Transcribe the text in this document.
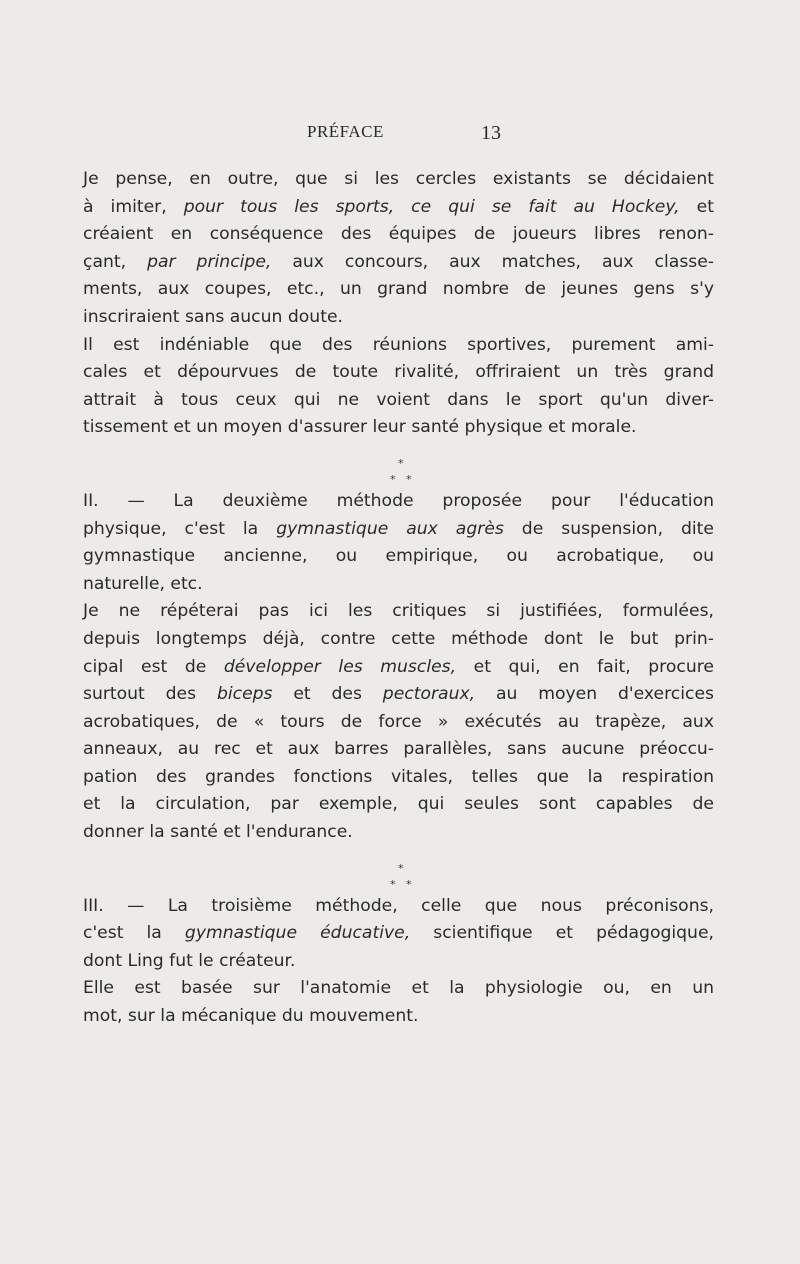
PRÉFACE	13
Je pense, en outre, que si les cercles existants se décidaient
à imiter, pour tous les sports, ce qui se fait au Hockey, et
créaient en conséquence des équipes de joueurs libres renon-
çant, par principe, aux concours, aux matches, aux classe-
ments, aux coupes, etc., un grand nombre de jeunes gens s'y
inscriraient sans aucun doute.
Il est indéniable que des réunions sportives, purement ami-
cales et dépourvues de toute rivalité, offriraient un très grand
attrait à tous ceux qui ne voient dans le sport qu'un diver-
tissement et un moyen d'assurer leur santé physique et morale.
*
* *
II. — La deuxième méthode proposée pour l'éducation
physique, c'est la gymnastique aux agrès de suspension, dite
gymnastique ancienne, ou empirique, ou acrobatique, ou
naturelle, etc.
Je ne répéterai pas ici les critiques si justifiées, formulées,
depuis longtemps déjà, contre cette méthode dont le but prin-
cipal est de développer les muscles, et qui, en fait, procure
surtout des biceps et des pectoraux, au moyen d'exercices
acrobatiques, de « tours de force » exécutés au trapèze, aux
anneaux, au rec et aux barres parallèles, sans aucune préoccu-
pation des grandes fonctions vitales, telles que la respiration
et la circulation, par exemple, qui seules sont capables de
donner la santé et l'endurance.
*
* *
III. — La troisième méthode, celle que nous préconisons,
c'est la gymnastique éducative, scientifique et pédagogique,
dont Ling fut le créateur.
Elle est basée sur l'anatomie et la physiologie ou, en un
mot, sur la mécanique du mouvement.
